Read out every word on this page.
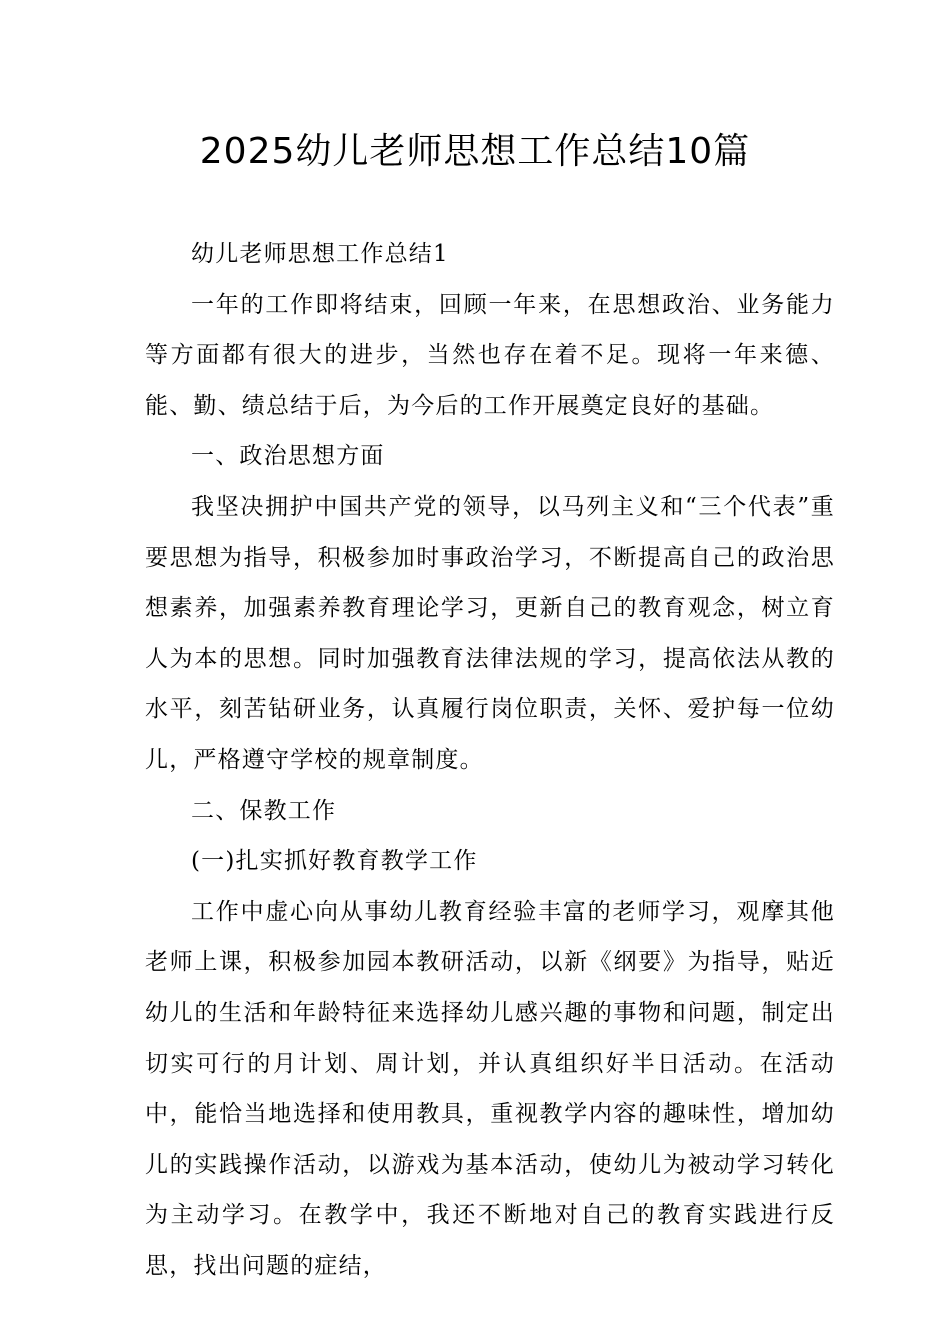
2025幼儿老师思想工作总结10篇

幼儿老师思想工作总结1

一年的工作即将结束，回顾一年来，在思想政治、业务能力等方面都有很大的进步，当然也存在着不足。现将一年来德、能、勤、绩总结于后，为今后的工作开展奠定良好的基础。

一、政治思想方面

我坚决拥护中国共产党的领导，以马列主义和“三个代表”重要思想为指导，积极参加时事政治学习，不断提高自己的政治思想素养，加强素养教育理论学习，更新自己的教育观念，树立育人为本的思想。同时加强教育法律法规的学习，提高依法从教的水平，刻苦钻研业务，认真履行岗位职责，关怀、爱护每一位幼儿，严格遵守学校的规章制度。

二、保教工作

(一)扎实抓好教育教学工作

工作中虚心向从事幼儿教育经验丰富的老师学习，观摩其他老师上课，积极参加园本教研活动，以新《纲要》为指导，贴近幼儿的生活和年龄特征来选择幼儿感兴趣的事物和问题，制定出切实可行的月计划、周计划，并认真组织好半日活动。在活动中，能恰当地选择和使用教具，重视教学内容的趣味性，增加幼儿的实践操作活动，以游戏为基本活动，使幼儿为被动学习转化为主动学习。在教学中，我还不断地对自己的教育实践进行反思，找出问题的症结，
